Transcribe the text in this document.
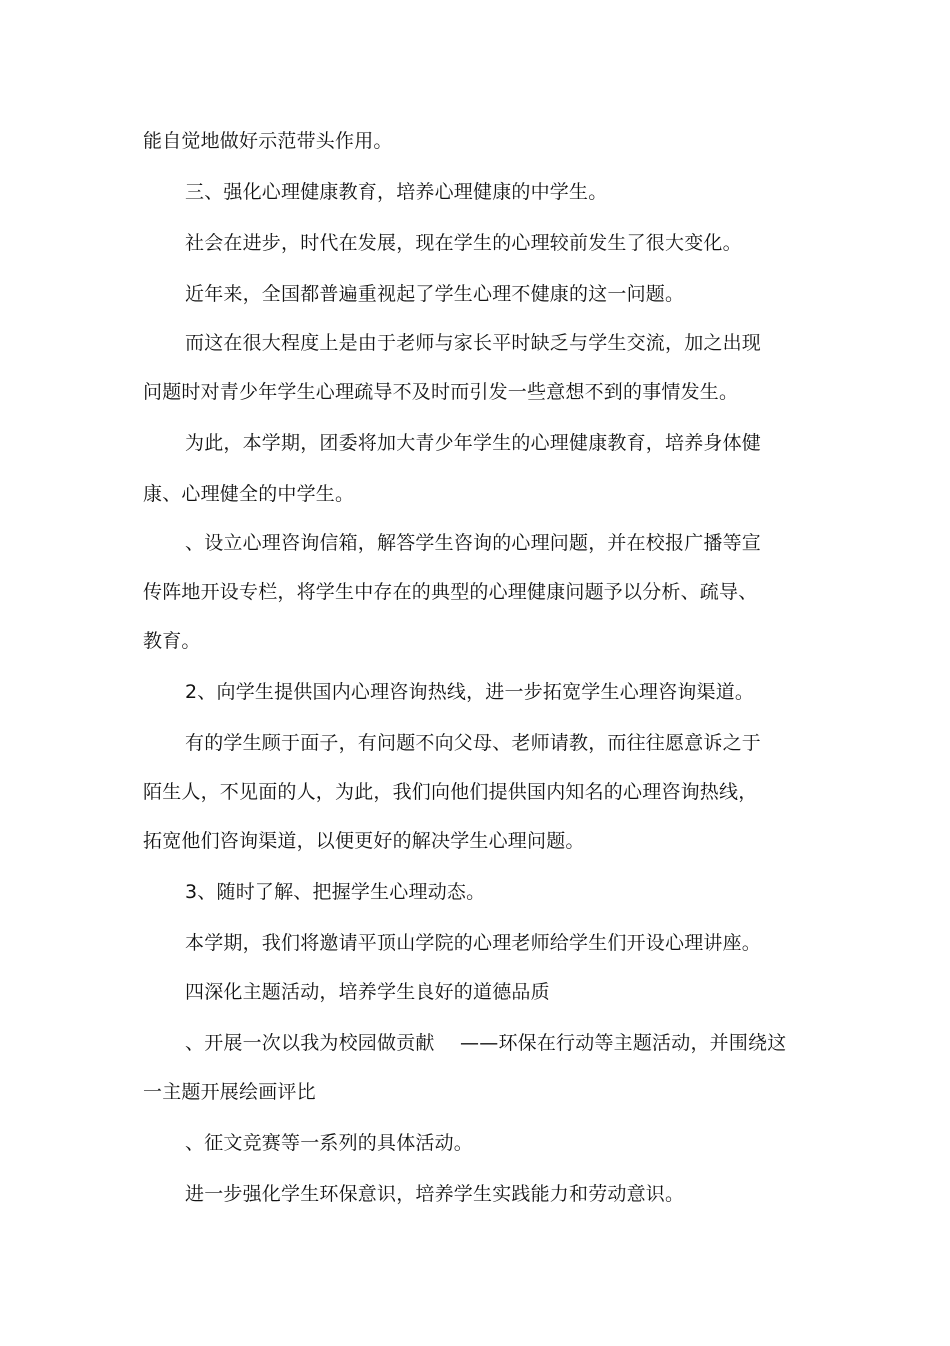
能自觉地做好示范带头作用。
三、强化心理健康教育，培养心理健康的中学生。
社会在进步，时代在发展，现在学生的心理较前发生了很大变化。
近年来，全国都普遍重视起了学生心理不健康的这一问题。
而这在很大程度上是由于老师与家长平时缺乏与学生交流，加之出现
问题时对青少年学生心理疏导不及时而引发一些意想不到的事情发生。
为此，本学期，团委将加大青少年学生的心理健康教育，培养身体健
康、心理健全的中学生。
、设立心理咨询信箱，解答学生咨询的心理问题，并在校报广播等宣
传阵地开设专栏，将学生中存在的典型的心理健康问题予以分析、疏导、
教育。
2、向学生提供国内心理咨询热线，进一步拓宽学生心理咨询渠道。
有的学生顾于面子，有问题不向父母、老师请教，而往往愿意诉之于
陌生人，不见面的人，为此，我们向他们提供国内知名的心理咨询热线，
拓宽他们咨询渠道，以便更好的解决学生心理问题。
3、随时了解、把握学生心理动态。
本学期，我们将邀请平顶山学院的心理老师给学生们开设心理讲座。
四深化主题活动，培养学生良好的道德品质
、开展一次以我为校园做贡献　 ——环保在行动等主题活动，并围绕这
一主题开展绘画评比
、征文竞赛等一系列的具体活动。
进一步强化学生环保意识，培养学生实践能力和劳动意识。
